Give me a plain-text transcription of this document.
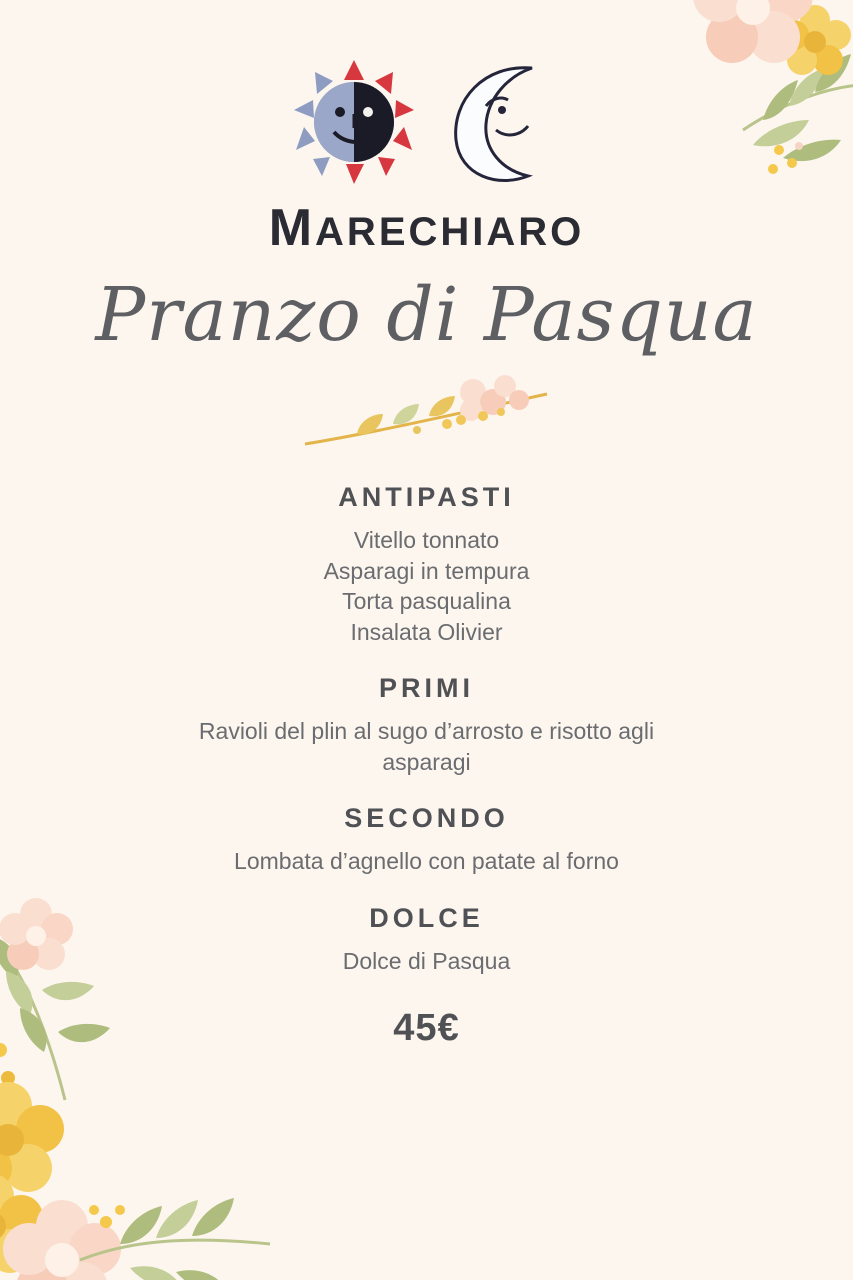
MARECHIARO
Pranzo di Pasqua
ANTIPASTI
Vitello tonnato
Asparagi in tempura
Torta pasqualina
Insalata Olivier
PRIMI
Ravioli del plin al sugo d’arrosto e risotto agli asparagi
SECONDO
Lombata d’agnello con patate al forno
DOLCE
Dolce di Pasqua
45€
